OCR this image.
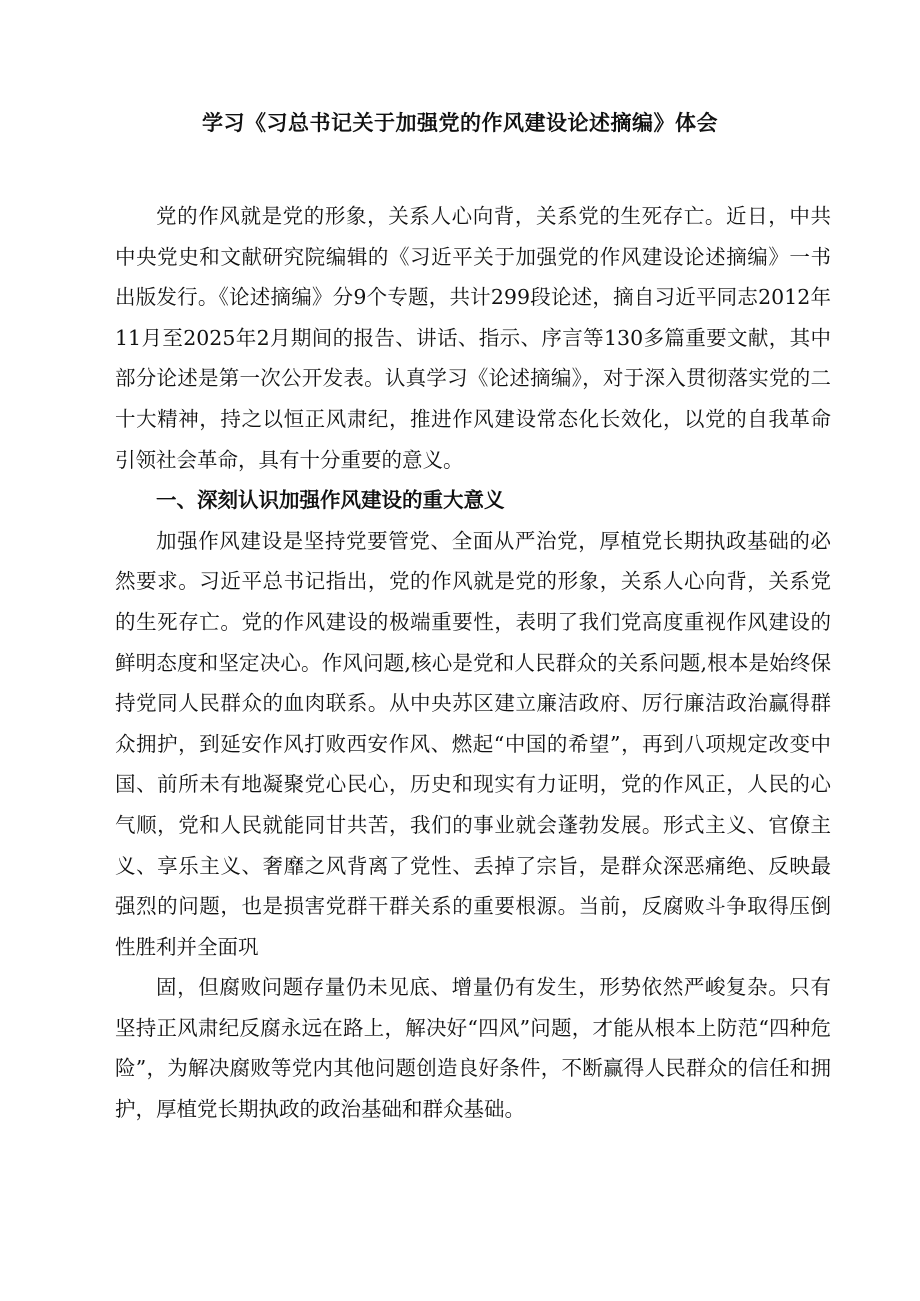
学习《习总书记关于加强党的作风建设论述摘编》体会

党的作风就是党的形象，关系人心向背，关系党的生死存亡。近日，中共中央党史和文献研究院编辑的《习近平关于加强党的作风建设论述摘编》一书出版发行。《论述摘编》分9个专题，共计299段论述，摘自习近平同志2012年11月至2025年2月期间的报告、讲话、指示、序言等130多篇重要文献，其中部分论述是第一次公开发表。认真学习《论述摘编》，对于深入贯彻落实党的二十大精神，持之以恒正风肃纪，推进作风建设常态化长效化，以党的自我革命引领社会革命，具有十分重要的意义。

一、深刻认识加强作风建设的重大意义

加强作风建设是坚持党要管党、全面从严治党，厚植党长期执政基础的必然要求。习近平总书记指出，党的作风就是党的形象，关系人心向背，关系党的生死存亡。党的作风建设的极端重要性，表明了我们党高度重视作风建设的鲜明态度和坚定决心。作风问题,核心是党和人民群众的关系问题,根本是始终保持党同人民群众的血肉联系。从中央苏区建立廉洁政府、厉行廉洁政治赢得群众拥护，到延安作风打败西安作风、燃起“中国的希望”，再到八项规定改变中国、前所未有地凝聚党心民心，历史和现实有力证明，党的作风正，人民的心气顺，党和人民就能同甘共苦，我们的事业就会蓬勃发展。形式主义、官僚主义、享乐主义、奢靡之风背离了党性、丢掉了宗旨，是群众深恶痛绝、反映最强烈的问题，也是损害党群干群关系的重要根源。当前，反腐败斗争取得压倒性胜利并全面巩

固，但腐败问题存量仍未见底、增量仍有发生，形势依然严峻复杂。只有坚持正风肃纪反腐永远在路上，解决好“四风”问题，才能从根本上防范“四种危险”，为解决腐败等党内其他问题创造良好条件，不断赢得人民群众的信任和拥护，厚植党长期执政的政治基础和群众基础。
